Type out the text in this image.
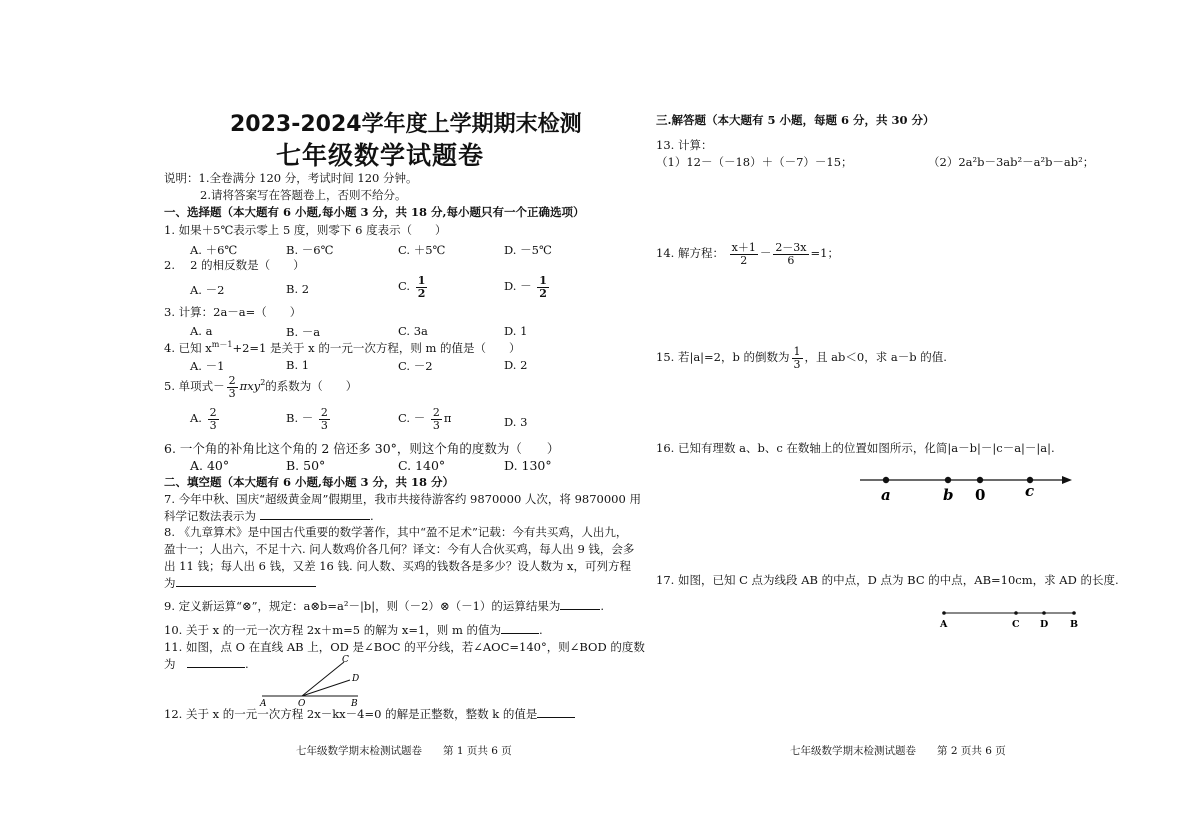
2023-2024学年度上学期期末检测
七年级数学试题卷
说明：1.全卷满分 120 分，考试时间 120 分钟。
2.请将答案写在答题卷上，否则不给分。
一、选择题（本大题有 6 小题,每小题 3 分，共 18 分,每小题只有一个正确选项）
1. 如果＋5℃表示零上 5 度，则零下 6 度表示（　　）
A. ＋6℃	B. －6℃	C. ＋5℃	D. －5℃
2.　 2 的相反数是（　　）
A. －2	B. 2	C. $\frac{1}{2}$	D. － $\frac{1}{2}$
3. 计算：2a－a=（　　）
A. a	B. －a	C. 3a	D. 1
4. 已知 $x^{m-1}+2=1$ 是关于 x 的一元一次方程，则 m 的值是（　　）
A. －1	B. 1	C. －2	D. 2
5. 单项式－ $\frac{2}{3} \pi xy^2$的系数为（　　）
A. $\frac{2}{3}$	B. － $\frac{2}{3}$	C. － $\frac{2}{3}$ π	D. 3
6. 一个角的补角比这个角的 2 倍还多 30°，则这个角的度数为（　　）
A. 40°	B. 50°	C. 140°	D. 130°
二、填空题（本大题有 6 小题,每小题 3 分，共 18 分）
7. 今年中秋、国庆“超级黄金周”假期里，我市共接待游客约 9870000 人次，将 9870000 用
科学记数法表示为	.
8. 《九章算术》是中国古代重要的数学著作，其中“盈不足术”记载：今有共买鸡，人出九，
盈十一；人出六，不足十六. 问人数鸡价各几何？译文：今有人合伙买鸡，每人出 9 钱，会多
出 11 钱；每人出 6 钱，又差 16 钱. 问人数、买鸡的钱数各是多少？设人数为 x，可列方程
为
9. 定义新运算“⊗”，规定：a⊗b=a²－|b|，则（－2）⊗（－1）的运算结果为	.
10. 关于 x 的一元一次方程 2x＋m=5 的解为 x=1，则 m 的值为	.
11. 如图，点 O 在直线 AB 上，OD 是∠BOC 的平分线，若∠AOC=140°，则∠BOD 的度数
为　	.
A	O	B
C
D
12. 关于 x 的一元一次方程 2x－kx－4=0 的解是正整数，整数 k 的值是
七年级数学期末检测试题卷　　第 1 页共 6 页
三.解答题（本大题有 5 小题，每题 6 分，共 30 分）
13. 计算：
（1）12－（－18）＋（－7）－15；	（2）2a²b－3ab²－a²b－ab²；
14. 解方程： $\frac{x+1}{2} - \frac{2-3x}{6} =1$；
15. 若|a|=2，b 的倒数为 $\frac{1}{3}$ ，且 ab＜0，求 a－b 的值.
16. 已知有理数 a、b、c 在数轴上的位置如图所示，化简|a－b|－|c－a|－|a|.
a	b 0	c
17. 如图，已知 C 点为线段 AB 的中点，D 点为 BC 的中点，AB=10cm，求 AD 的长度.
A	C D B
七年级数学期末检测试题卷　　第 2 页共 6 页
